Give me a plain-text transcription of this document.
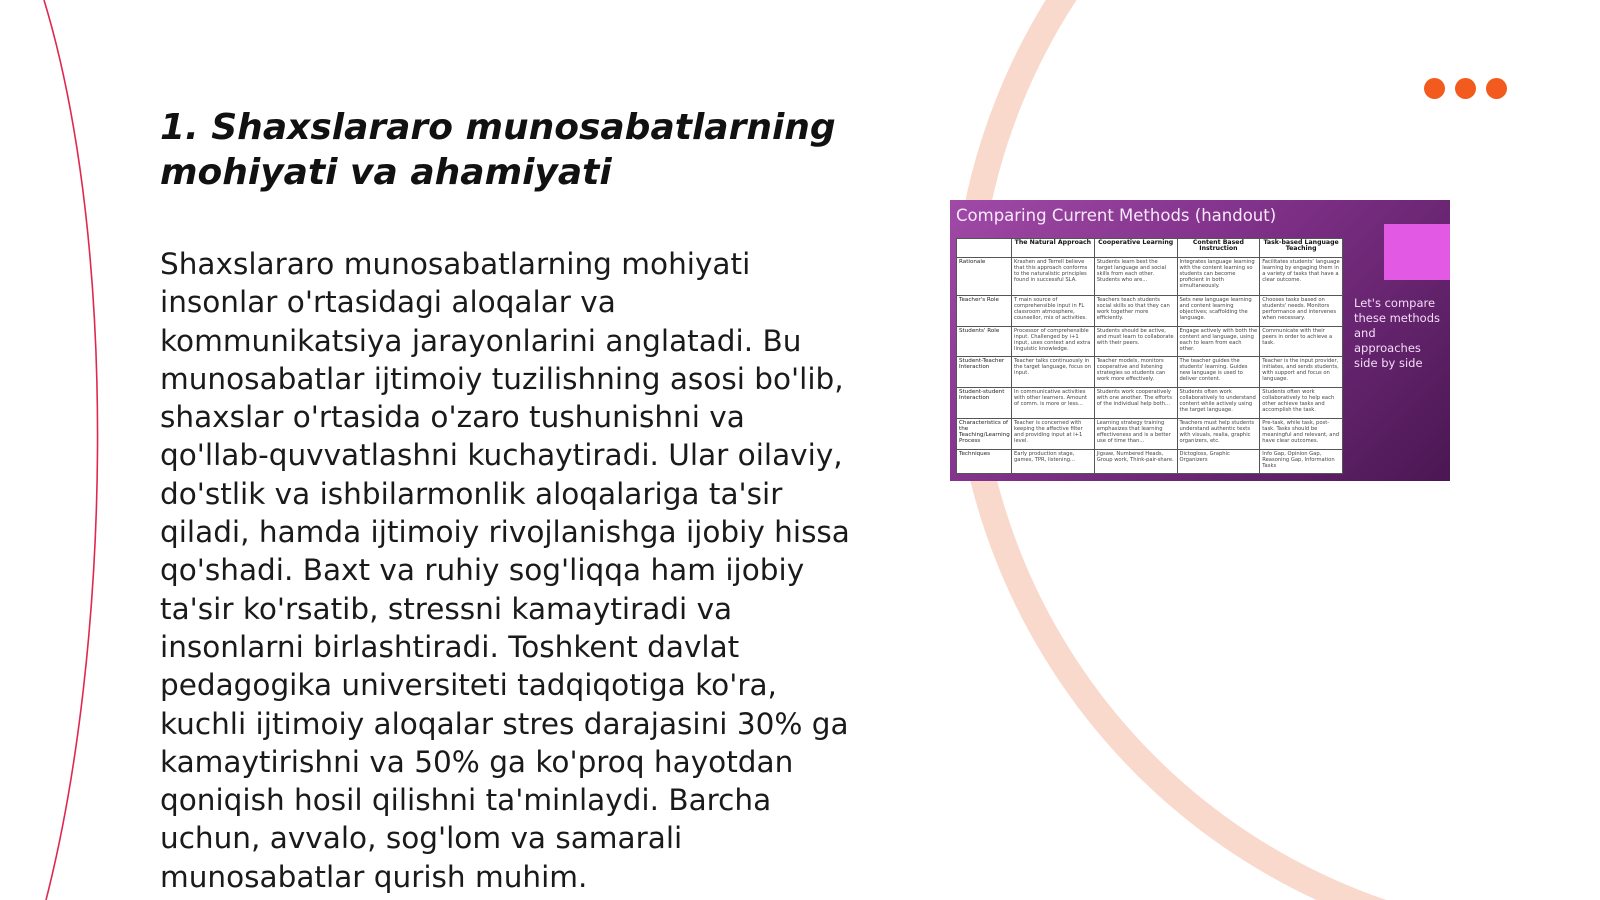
1. Shaxslararo munosabatlarning mohiyati va ahamiyati

Shaxslararo munosabatlarning mohiyati insonlar o'rtasidagi aloqalar va kommunikatsiya jarayonlarini anglatadi. Bu munosabatlar ijtimoiy tuzilishning asosi bo'lib, shaxslar o'rtasida o'zaro tushunishni va qo'llab-quvvatlashni kuchaytiradi. Ular oilaviy, do'stlik va ishbilarmonlik aloqalariga ta'sir qiladi, hamda ijtimoiy rivojlanishga ijobiy hissa qo'shadi. Baxt va ruhiy sog'liqqa ham ijobiy ta'sir ko'rsatib, stressni kamaytiradi va insonlarni birlashtiradi. Toshkent davlat pedagogika universiteti tadqiqotiga ko'ra, kuchli ijtimoiy aloqalar stres darajasini 30% ga kamaytirishni va 50% ga ko'proq hayotdan qoniqish hosil qilishni ta'minlaydi. Barcha uchun, avvalo, sog'lom va samarali munosabatlar qurish muhim.

Comparing Current Methods (handout)
Let's compare these methods and approaches side by side
	The Natural Approach	Cooperative Learning	Content Based Instruction	Task-based Language Teaching
Rationale	Krashen and Terrell believe that this approach conforms to the naturalistic principles found in successful SLA.	Students learn best the target language and social skills from each other. Students who are...	Integrates language learning with the content learning so students can become proficient in both simultaneously.	Facilitates students' language learning by engaging them in a variety of tasks that have a clear outcome.
Teacher's Role	T main source of comprehensible input in FL classroom atmosphere, counsellor, mix of activities.	Teachers teach students social skills so that they can work together more efficiently.	Sets new language learning and content learning objectives; scaffolding the language.	Chooses tasks based on students' needs. Monitors performance and intervenes when necessary.
Students' Role	Processor of comprehensible input. Challenged by i+1 input, uses context and extra linguistic knowledge.	Students should be active, and must learn to collaborate with their peers.	Engage actively with both the content and language, using each to learn from each other.	Communicate with their peers in order to achieve a task.
Student-Teacher Interaction	Teacher talks continuously in the target language, focus on input.	Teacher models, monitors cooperative and listening strategies so students can work more effectively.	The teacher guides the students' learning. Guides new language is used to deliver content.	Teacher is the input provider, initiates, and sends students, with support and focus on language.
Student-student Interaction	In communicative activities with other learners. Amount of comm. is more or less...	Students work cooperatively with one another. The efforts of the individual help both...	Students often work collaboratively to understand content while actively using the target language.	Students often work collaboratively to help each other achieve tasks and accomplish the task.
Characteristics of the Teaching/Learning Process	Teacher is concerned with keeping the affective filter and providing input at i+1 level.	Learning strategy training emphasizes that learning effectiveness and is a better use of time than...	Teachers must help students understand authentic texts with visuals, realia, graphic organizers, etc.	Pre-task, while task, post-task. Tasks should be meaningful and relevant, and have clear outcomes.
Techniques	Early production stage, games, TPR, listening...	Jigsaw, Numbered Heads, Group work, Think-pair-share.	Dictogloss, Graphic Organizers	Info Gap, Opinion Gap, Reasoning Gap, Information Tasks
